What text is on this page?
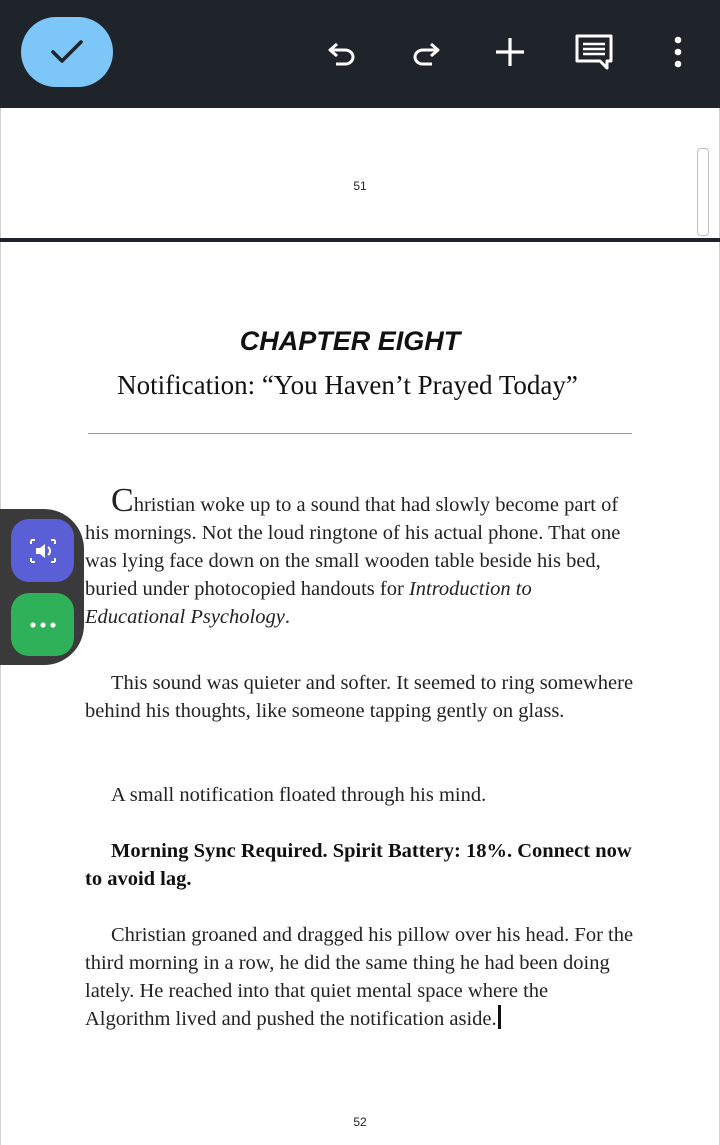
51
CHAPTER EIGHT
Notification: “You Haven’t Prayed Today”

Christian woke up to a sound that had slowly become part of his mornings. Not the loud ringtone of his actual phone. That one was lying face down on the small wooden table beside his bed, buried under photocopied handouts for Introduction to Educational Psychology.

This sound was quieter and softer. It seemed to ring somewhere behind his thoughts, like someone tapping gently on glass.

A small notification floated through his mind.

Morning Sync Required. Spirit Battery: 18%. Connect now to avoid lag.

Christian groaned and dragged his pillow over his head. For the third morning in a row, he did the same thing he had been doing lately. He reached into that quiet mental space where the Algorithm lived and pushed the notification aside.

52
